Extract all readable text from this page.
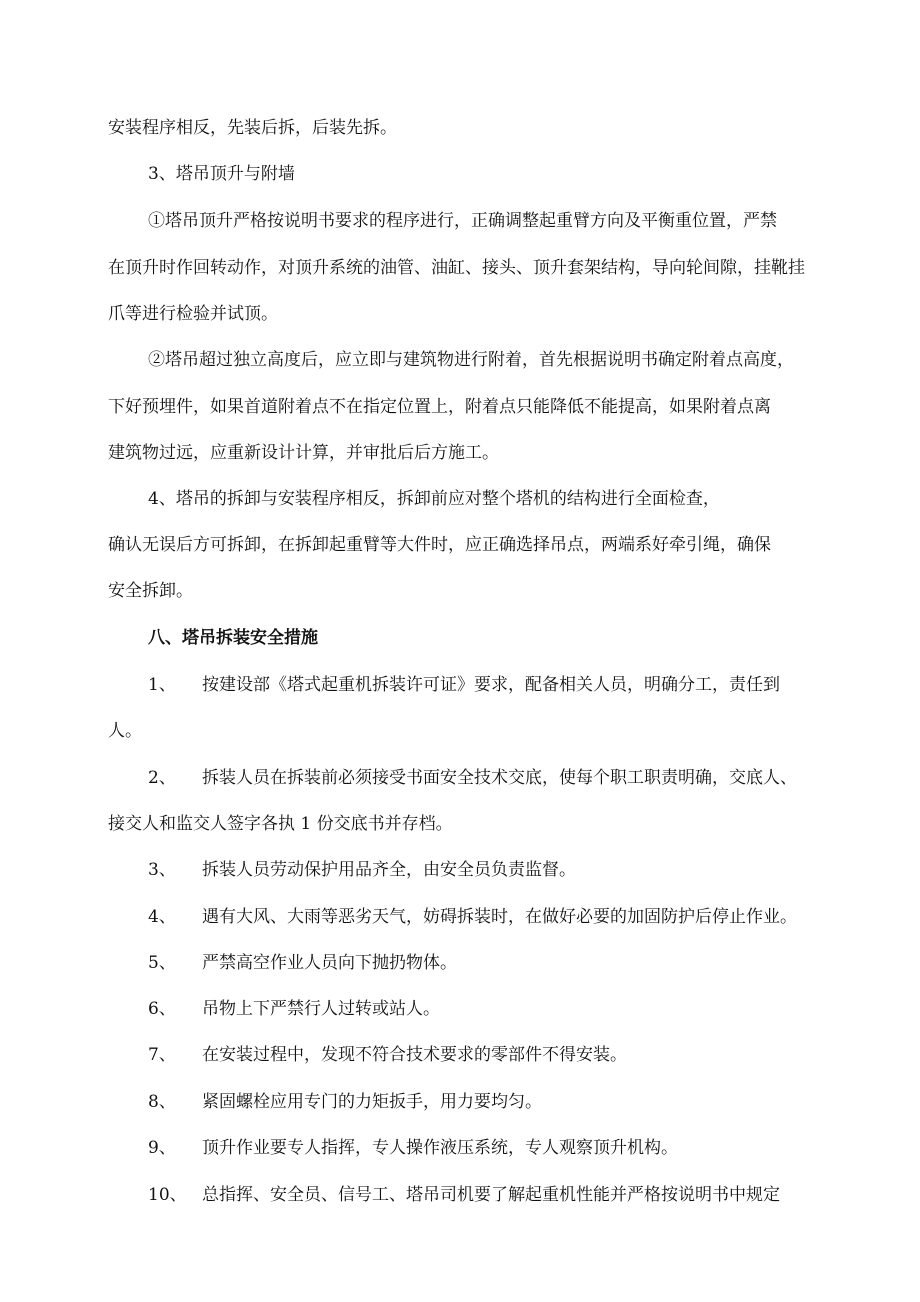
安装程序相反，先装后拆，后装先拆。

3、塔吊顶升与附墙

①塔吊顶升严格按说明书要求的程序进行，正确调整起重臂方向及平衡重位置，严禁

在顶升时作回转动作，对顶升系统的油管、油缸、接头、顶升套架结构，导向轮间隙，挂靴挂

爪等进行检验并试顶。

②塔吊超过独立高度后，应立即与建筑物进行附着，首先根据说明书确定附着点高度，

下好预埋件，如果首道附着点不在指定位置上，附着点只能降低不能提高，如果附着点离

建筑物过远，应重新设计计算，并审批后后方施工。

4、塔吊的拆卸与安装程序相反，拆卸前应对整个塔机的结构进行全面检查，

确认无误后方可拆卸，在拆卸起重臂等大件时，应正确选择吊点，两端系好牵引绳，确保

安全拆卸。

八、塔吊拆装安全措施

1、 按建设部《塔式起重机拆装许可证》要求，配备相关人员，明确分工，责任到

人。

2、 拆装人员在拆装前必须接受书面安全技术交底，使每个职工职责明确，交底人、

接交人和监交人签字各执 1 份交底书并存档。

3、 拆装人员劳动保护用品齐全，由安全员负责监督。

4、 遇有大风、大雨等恶劣天气，妨碍拆装时，在做好必要的加固防护后停止作业。

5、 严禁高空作业人员向下抛扔物体。

6、 吊物上下严禁行人过转或站人。

7、 在安装过程中，发现不符合技术要求的零部件不得安装。

8、 紧固螺栓应用专门的力矩扳手，用力要均匀。

9、 顶升作业要专人指挥，专人操作液压系统，专人观察顶升机构。

10、 总指挥、安全员、信号工、塔吊司机要了解起重机性能并严格按说明书中规定
